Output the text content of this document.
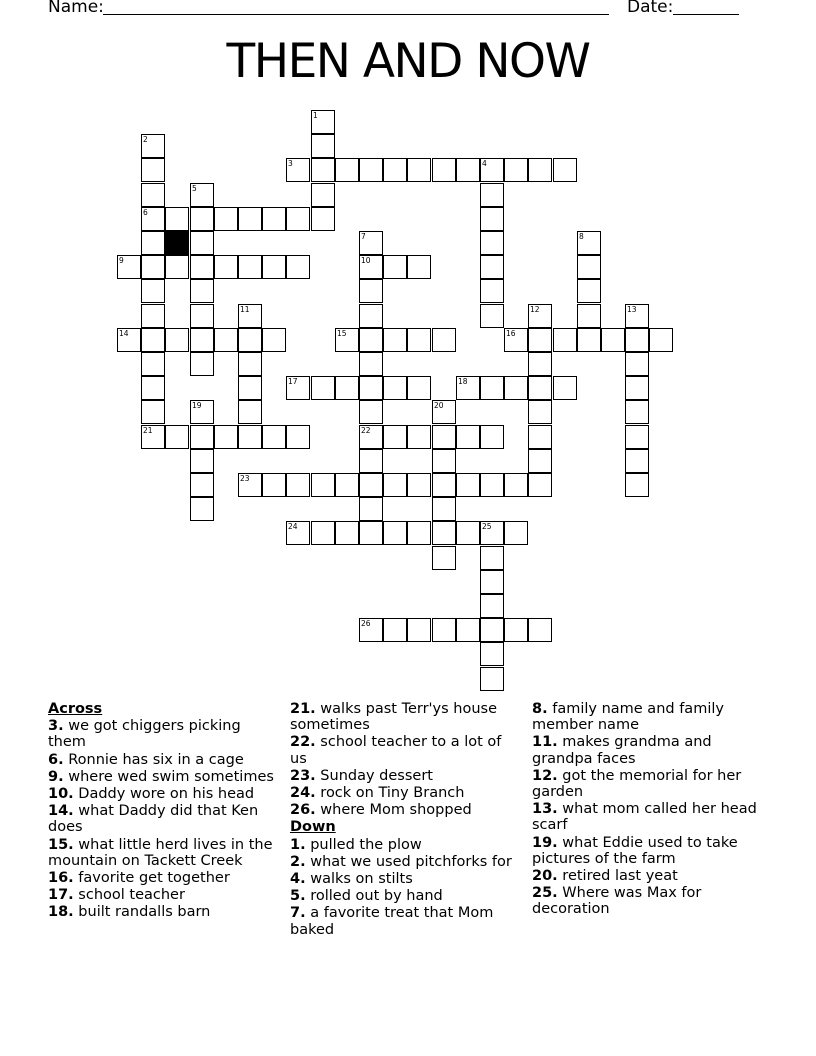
Name:	Date:
THEN AND NOW
1
2
3	4
5
6
7	8
9	10
11	12	13
14	15	16
17	18
19	20
21	22
23
24	25
26
Across
3. we got chiggers picking them
6. Ronnie has six in a cage
9. where wed swim sometimes
10. Daddy wore on his head
14. what Daddy did that Ken does
15. what little herd lives in the mountain on Tackett Creek
16. favorite get together
17. school teacher
18. built randalls barn
21. walks past Terr'ys house sometimes
22. school teacher to a lot of us
23. Sunday dessert
24. rock on Tiny Branch
26. where Mom shopped
Down
1. pulled the plow
2. what we used pitchforks for
4. walks on stilts
5. rolled out by hand
7. a favorite treat that Mom baked
8. family name and family member name
11. makes grandma and grandpa faces
12. got the memorial for her garden
13. what mom called her head scarf
19. what Eddie used to take pictures of the farm
20. retired last yeat
25. Where was Max for decoration
